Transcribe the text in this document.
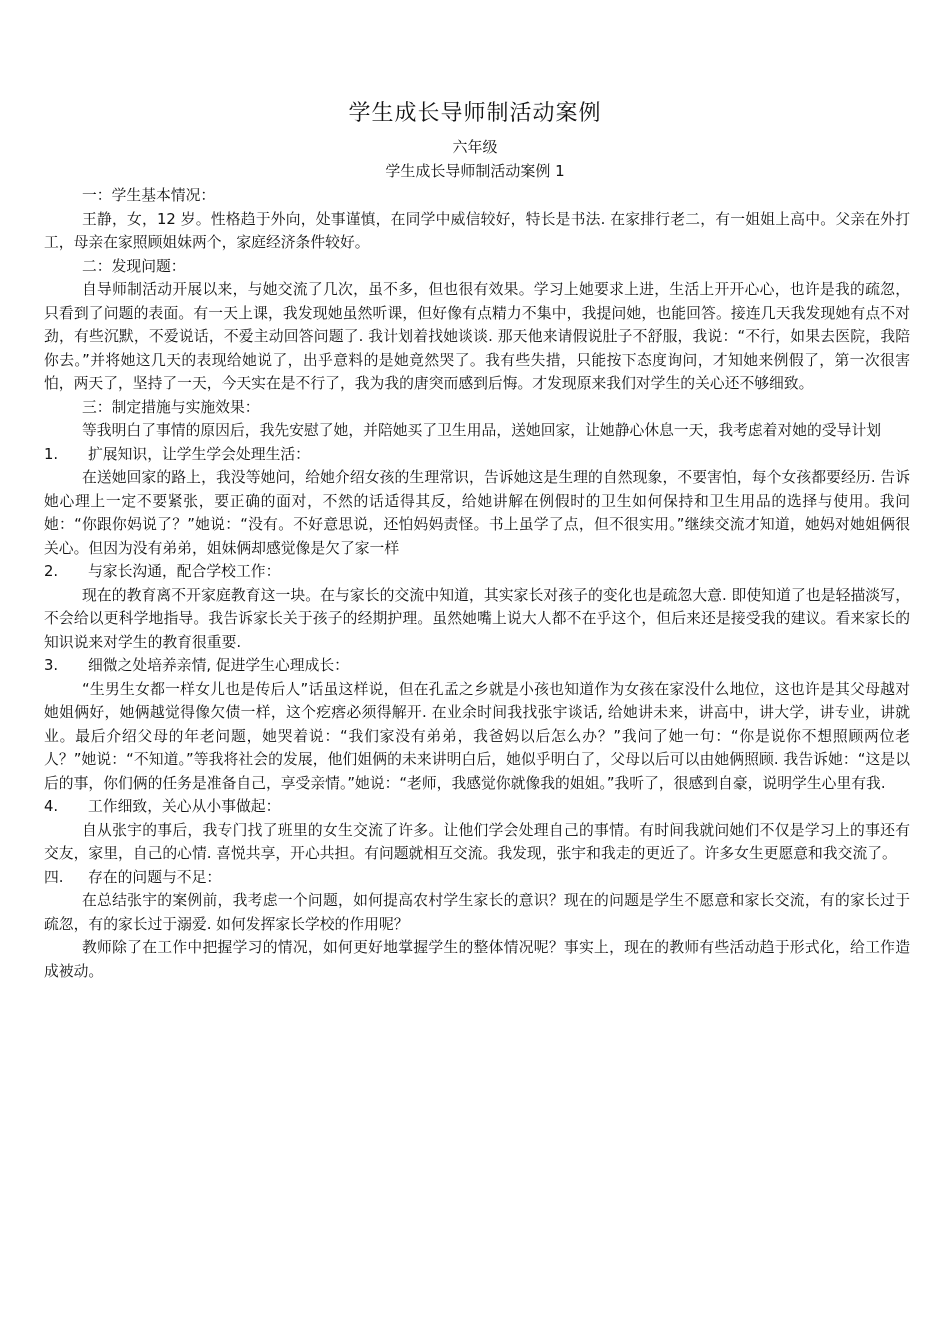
学生成长导师制活动案例
六年级
学生成长导师制活动案例 1

一：学生基本情况：

王静，女，12 岁。性格趋于外向，处事谨慎，在同学中威信较好，特长是书法. 在家排行老二，有一姐姐上高中。父亲在外打工，母亲在家照顾姐妹两个，家庭经济条件较好。

二：发现问题：

自导师制活动开展以来，与她交流了几次，虽不多，但也很有效果。学习上她要求上进，生活上开开心心，也许是我的疏忽，只看到了问题的表面。有一天上课，我发现她虽然听课，但好像有点精力不集中，我提问她，也能回答。接连几天我发现她有点不对劲，有些沉默，不爱说话，不爱主动回答问题了. 我计划着找她谈谈. 那天他来请假说肚子不舒服，我说：“不行，如果去医院，我陪你去。”并将她这几天的表现给她说了，出乎意料的是她竟然哭了。我有些失措，只能按下态度询问，才知她来例假了，第一次很害怕，两天了，坚持了一天，今天实在是不行了，我为我的唐突而感到后悔。才发现原来我们对学生的关心还不够细致。

三：制定措施与实施效果：

等我明白了事情的原因后，我先安慰了她，并陪她买了卫生用品，送她回家，让她静心休息一天，我考虑着对她的受导计划

1. 扩展知识，让学生学会处理生活：

在送她回家的路上，我没等她问，给她介绍女孩的生理常识，告诉她这是生理的自然现象，不要害怕，每个女孩都要经历. 告诉她心理上一定不要紧张，要正确的面对，不然的话适得其反，给她讲解在例假时的卫生如何保持和卫生用品的选择与使用。我问她：“你跟你妈说了？”她说：“没有。不好意思说，还怕妈妈责怪。书上虽学了点，但不很实用。”继续交流才知道，她妈对她姐俩很关心。但因为没有弟弟，姐妹俩却感觉像是欠了家一样

2. 与家长沟通，配合学校工作：

现在的教育离不开家庭教育这一块。在与家长的交流中知道，其实家长对孩子的变化也是疏忽大意. 即使知道了也是轻描淡写，不会给以更科学地指导。我告诉家长关于孩子的经期护理。虽然她嘴上说大人都不在乎这个，但后来还是接受我的建议。看来家长的知识说来对学生的教育很重要.

3. 细微之处培养亲情, 促进学生心理成长：

“生男生女都一样女儿也是传后人”话虽这样说，但在孔孟之乡就是小孩也知道作为女孩在家没什么地位，这也许是其父母越对她姐俩好，她俩越觉得像欠债一样，这个疙瘩必须得解开. 在业余时间我找张宇谈话, 给她讲未来，讲高中，讲大学，讲专业，讲就业。最后介绍父母的年老问题，她哭着说：“我们家没有弟弟，我爸妈以后怎么办？”我问了她一句：“你是说你不想照顾两位老人？”她说：“不知道。”等我将社会的发展，他们姐俩的未来讲明白后，她似乎明白了，父母以后可以由她俩照顾. 我告诉她：“这是以后的事，你们俩的任务是准备自己，享受亲情。”她说：“老师，我感觉你就像我的姐姐。”我听了，很感到自豪，说明学生心里有我.

4. 工作细致，关心从小事做起：

自从张宇的事后，我专门找了班里的女生交流了许多。让他们学会处理自己的事情。有时间我就问她们不仅是学习上的事还有交友，家里，自己的心情. 喜悦共享，开心共担。有问题就相互交流。我发现，张宇和我走的更近了。许多女生更愿意和我交流了。

四. 存在的问题与不足：

在总结张宇的案例前，我考虑一个问题，如何提高农村学生家长的意识？现在的问题是学生不愿意和家长交流，有的家长过于疏忽，有的家长过于溺爱. 如何发挥家长学校的作用呢？

教师除了在工作中把握学习的情况，如何更好地掌握学生的整体情况呢？事实上，现在的教师有些活动趋于形式化，给工作造成被动。
